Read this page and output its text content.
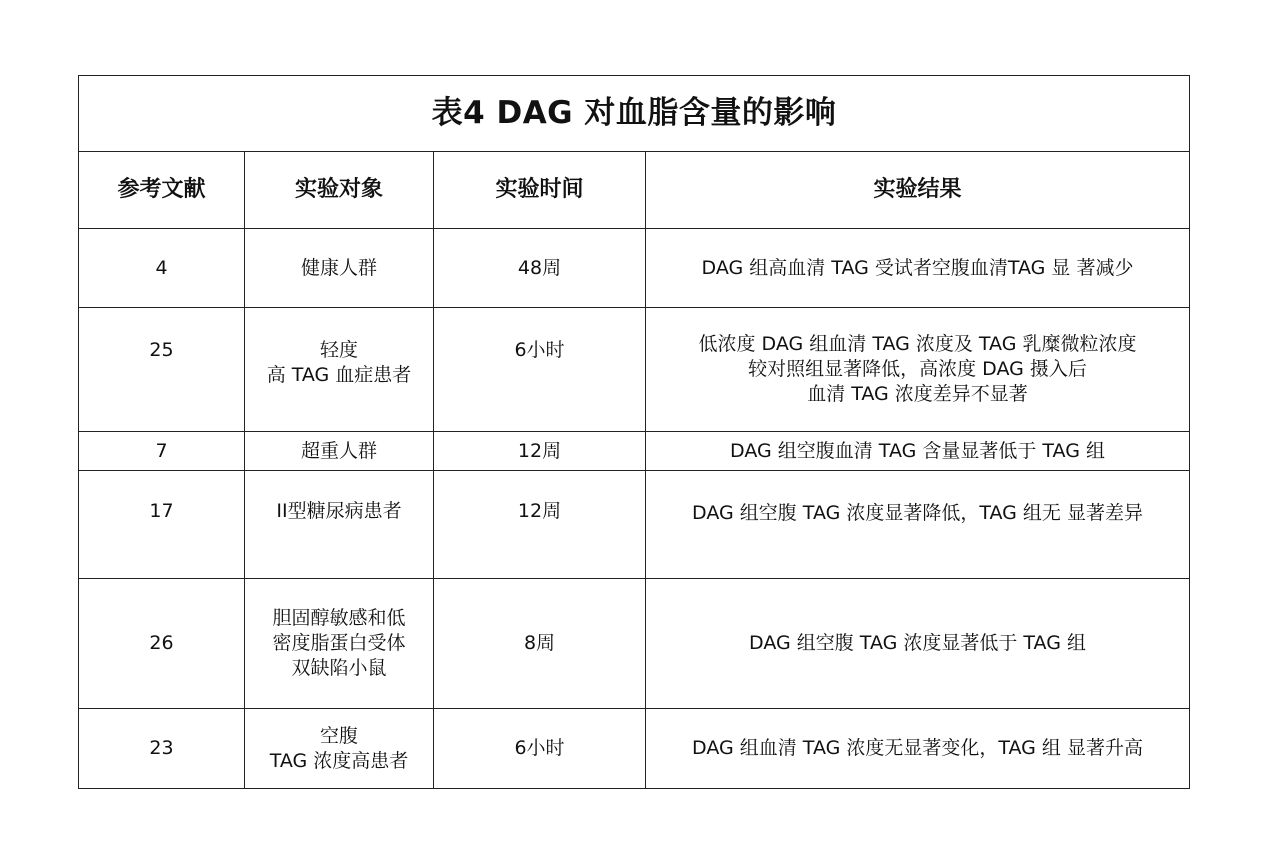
表4 DAG 对血脂含量的影响			
参考文献	实验对象	实验时间	实验结果
4	健康人群	48周	DAG 组高血清 TAG 受试者空腹血清TAG 显 著减少

25	轻度
高 TAG 血症患者	6小时	低浓度 DAG 组血清 TAG 浓度及 TAG 乳糜微粒浓度
较对照组显著降低，高浓度 DAG 摄入后
血清 TAG 浓度差异不显著

7	超重人群	12周	DAG 组空腹血清 TAG 含量显著低于 TAG 组

17	II型糖尿病患者	12周	DAG 组空腹 TAG 浓度显著降低，TAG 组无 显著差异

26	胆固醇敏感和低
密度脂蛋白受体
双缺陷小鼠	8周	DAG 组空腹 TAG 浓度显著低于 TAG 组

23	空腹
TAG 浓度高患者	6小时	DAG 组血清 TAG 浓度无显著变化，TAG 组 显著升高
